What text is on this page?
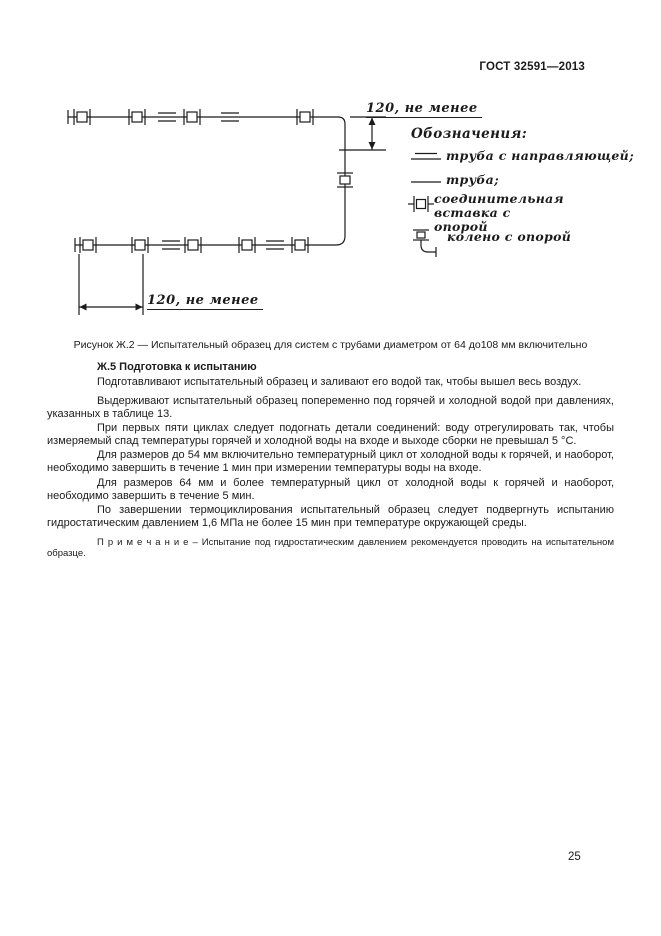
ГОСТ 32591—2013
120, не менее
120, не менее
Обозначения:
труба с направляющей;
труба;
соединительная вставка с опорой
колено с опорой
Рисунок Ж.2 — Испытательный образец для систем с трубами диаметром от 64 до108 мм включительно
Ж.5 Подготовка к испытанию

Подготавливают испытательный образец и заливают его водой так, чтобы вышел весь воздух.

Выдерживают испытательный образец попеременно под горячей и холодной водой при давлениях, указанных в таблице 13.

При первых пяти циклах следует подогнать детали соединений: воду отрегулировать так, чтобы измеряемый спад температуры горячей и холодной воды на входе и выходе сборки не превышал 5 °С.

Для размеров до 54 мм включительно температурный цикл от холодной воды к горячей, и наоборот, необходимо завершить в течение 1 мин при измерении температуры воды на входе.

Для размеров 64 мм и более температурный цикл от холодной воды к горячей и наоборот, необходимо завершить в течение 5 мин.

По завершении термоциклирования испытательный образец следует подвергнуть испытанию гидростатическим давлением 1,6 МПа не более 15 мин при температуре окружающей среды.

П р и м е ч а н и е – Испытание под гидростатическим давлением рекомендуется проводить на испытательном образце.

25
